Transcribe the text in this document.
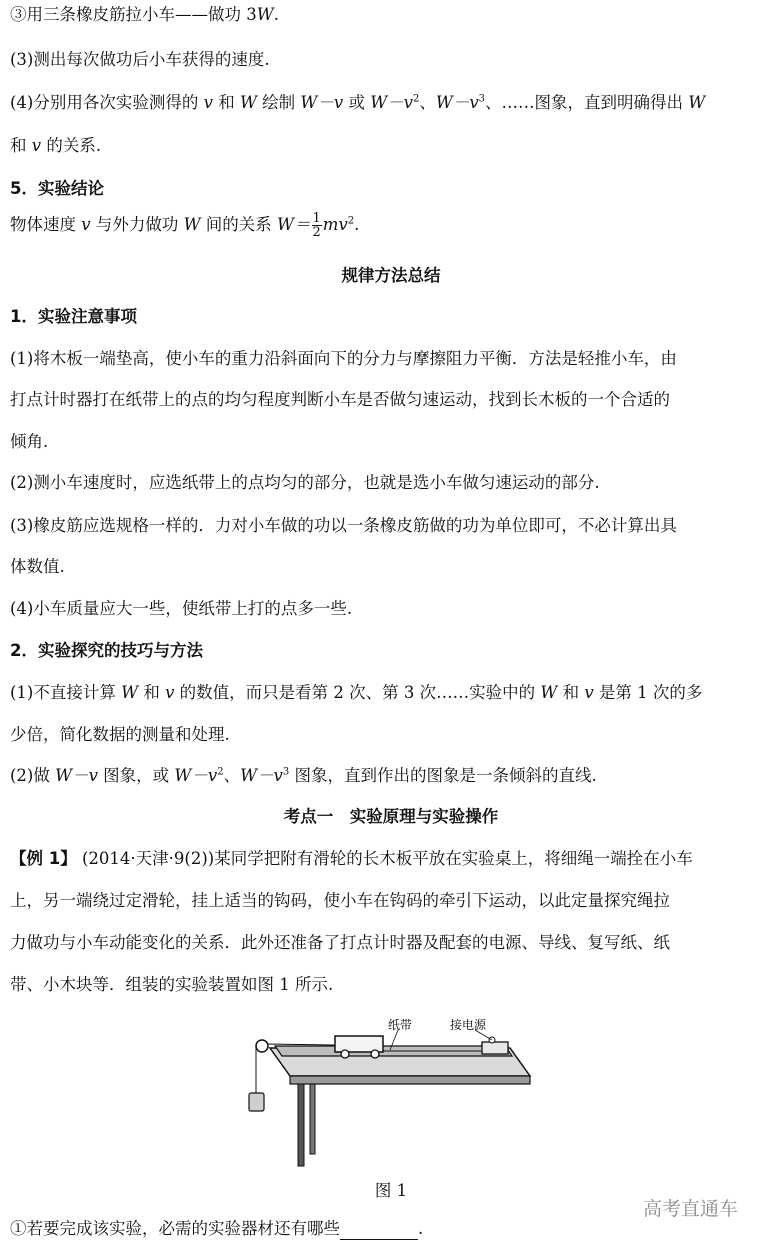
③用三条橡皮筋拉小车——做功 3W.
(3)测出每次做功后小车获得的速度.
(4)分别用各次实验测得的 v 和 W 绘制 W－v 或 $W-v^2$、$W-v^3$、……图象，直到明确得出 W
和 v 的关系.
5．实验结论
物体速度 v 与外力做功 W 间的关系 $W= \frac{1}{2} mv^2$.
规律方法总结
1．实验注意事项
(1)将木板一端垫高，使小车的重力沿斜面向下的分力与摩擦阻力平衡．方法是轻推小车，由
打点计时器打在纸带上的点的均匀程度判断小车是否做匀速运动，找到长木板的一个合适的
倾角.
(2)测小车速度时，应选纸带上的点均匀的部分，也就是选小车做匀速运动的部分.
(3)橡皮筋应选规格一样的．力对小车做的功以一条橡皮筋做的功为单位即可，不必计算出具
体数值.
(4)小车质量应大一些，使纸带上打的点多一些.
2．实验探究的技巧与方法
(1)不直接计算 W 和 v 的数值，而只是看第 2 次、第 3 次……实验中的 W 和 v 是第 1 次的多
少倍，简化数据的测量和处理.
(2)做 W－v 图象，或 $W-v^2$、$W-v^3$ 图象，直到作出的图象是一条倾斜的直线.
考点一　实验原理与实验操作
【例 1】 (2014·天津·9(2))某同学把附有滑轮的长木板平放在实验桌上，将细绳一端拴在小车
上，另一端绕过定滑轮，挂上适当的钩码，使小车在钩码的牵引下运动，以此定量探究绳拉
力做功与小车动能变化的关系．此外还准备了打点计时器及配套的电源、导线、复写纸、纸
带、小木块等．组装的实验装置如图 1 所示.
纸带	接电源
图 1
高考直通车
①若要完成该实验，必需的实验器材还有哪些	.
